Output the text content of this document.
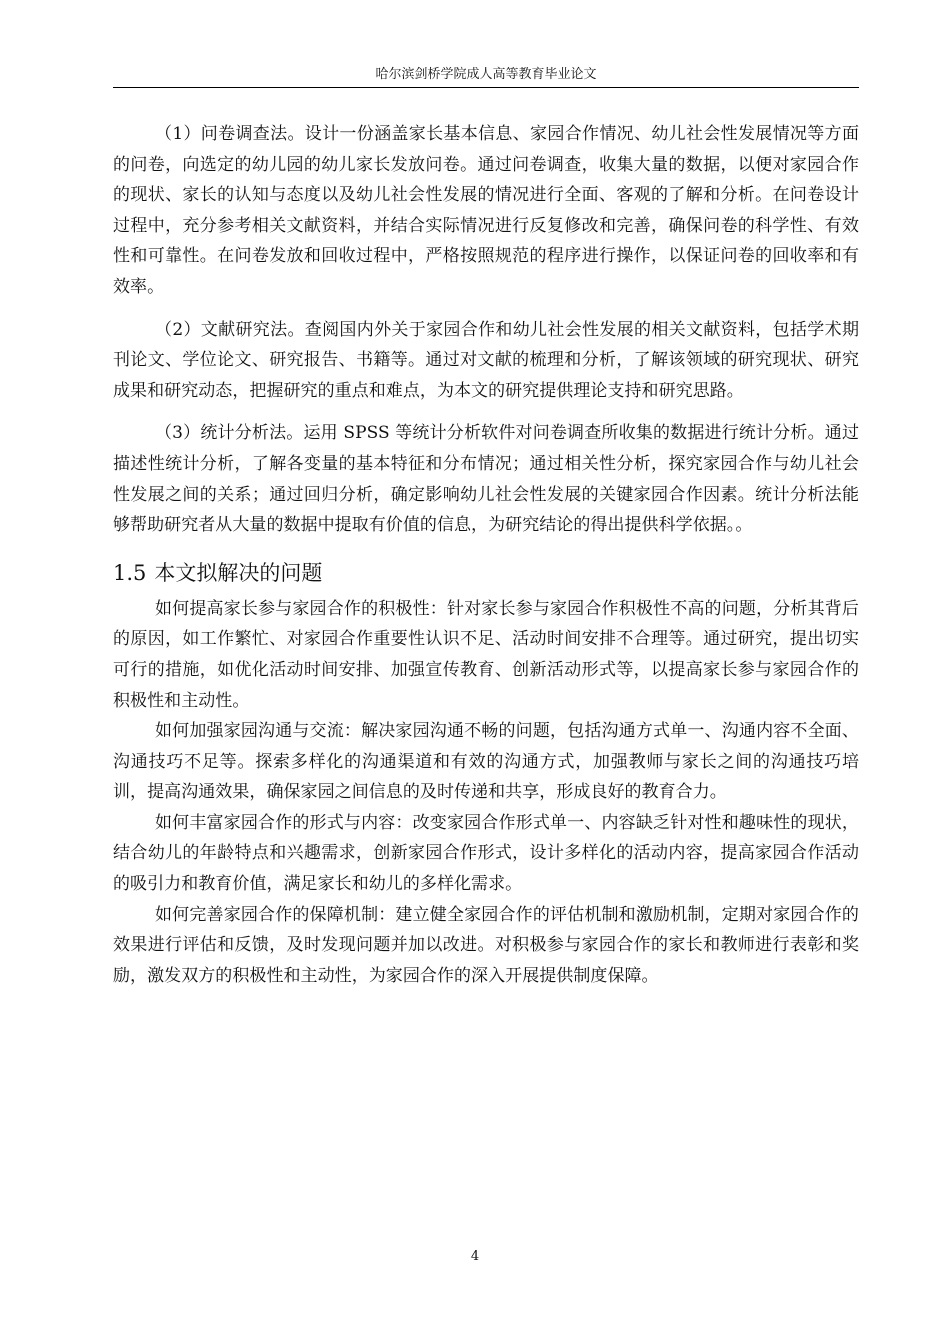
哈尔滨剑桥学院成人高等教育毕业论文

（1）问卷调查法。设计一份涵盖家长基本信息、家园合作情况、幼儿社会性发展情况等方面的问卷，向选定的幼儿园的幼儿家长发放问卷。通过问卷调查，收集大量的数据，以便对家园合作的现状、家长的认知与态度以及幼儿社会性发展的情况进行全面、客观的了解和分析。在问卷设计过程中，充分参考相关文献资料，并结合实际情况进行反复修改和完善，确保问卷的科学性、有效性和可靠性。在问卷发放和回收过程中，严格按照规范的程序进行操作，以保证问卷的回收率和有效率。

（2）文献研究法。查阅国内外关于家园合作和幼儿社会性发展的相关文献资料，包括学术期刊论文、学位论文、研究报告、书籍等。通过对文献的梳理和分析，了解该领域的研究现状、研究成果和研究动态，把握研究的重点和难点，为本文的研究提供理论支持和研究思路。

（3）统计分析法。运用 SPSS 等统计分析软件对问卷调查所收集的数据进行统计分析。通过描述性统计分析，了解各变量的基本特征和分布情况；通过相关性分析，探究家园合作与幼儿社会性发展之间的关系；通过回归分析，确定影响幼儿社会性发展的关键家园合作因素。统计分析法能够帮助研究者从大量的数据中提取有价值的信息，为研究结论的得出提供科学依据。。

1.5 本文拟解决的问题

如何提高家长参与家园合作的积极性：针对家长参与家园合作积极性不高的问题，分析其背后的原因，如工作繁忙、对家园合作重要性认识不足、活动时间安排不合理等。通过研究，提出切实可行的措施，如优化活动时间安排、加强宣传教育、创新活动形式等，以提高家长参与家园合作的积极性和主动性。

如何加强家园沟通与交流：解决家园沟通不畅的问题，包括沟通方式单一、沟通内容不全面、沟通技巧不足等。探索多样化的沟通渠道和有效的沟通方式，加强教师与家长之间的沟通技巧培训，提高沟通效果，确保家园之间信息的及时传递和共享，形成良好的教育合力。

如何丰富家园合作的形式与内容：改变家园合作形式单一、内容缺乏针对性和趣味性的现状，结合幼儿的年龄特点和兴趣需求，创新家园合作形式，设计多样化的活动内容，提高家园合作活动的吸引力和教育价值，满足家长和幼儿的多样化需求。

如何完善家园合作的保障机制：建立健全家园合作的评估机制和激励机制，定期对家园合作的效果进行评估和反馈，及时发现问题并加以改进。对积极参与家园合作的家长和教师进行表彰和奖励，激发双方的积极性和主动性，为家园合作的深入开展提供制度保障。

4
